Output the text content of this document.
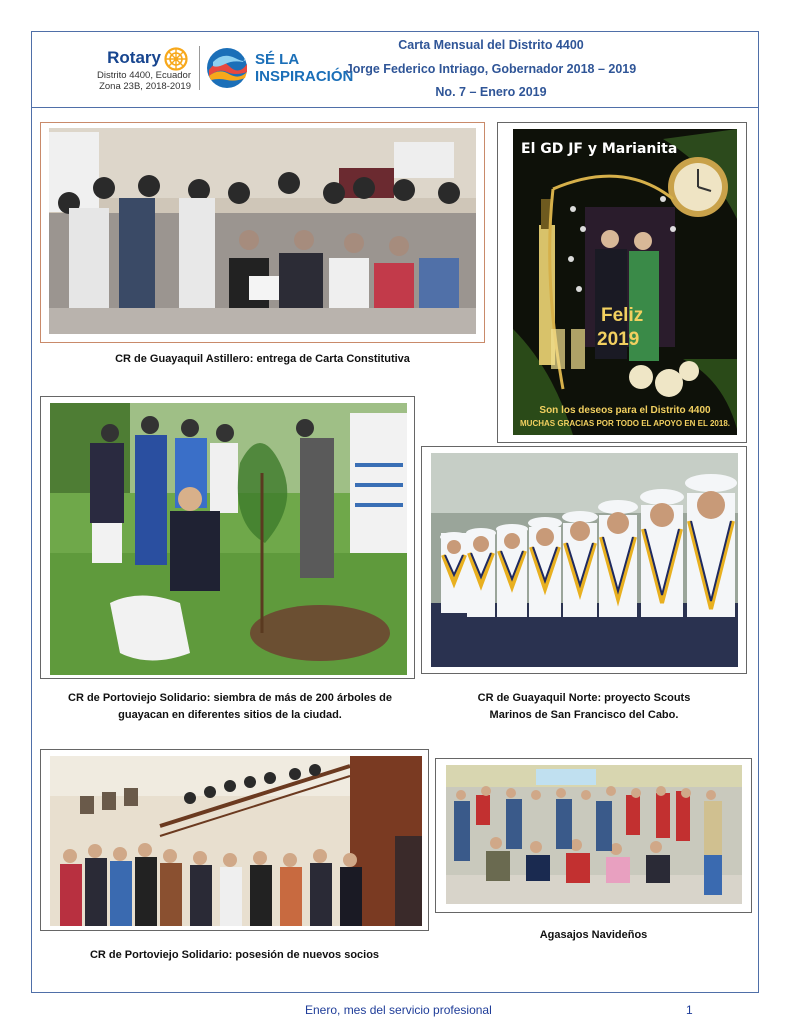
Rotary
Distrito 4400, Ecuador
Zona 23B, 2018-2019
SÉ LA INSPIRACIÓN
Carta Mensual del Distrito 4400
Jorge Federico Intriago, Gobernador 2018 – 2019
No. 7 – Enero 2019
CR de Guayaquil Astillero: entrega de Carta Constitutiva
El GD JF y Marianita
Feliz
2019
Son los deseos para el Distrito 4400
MUCHAS GRACIAS POR TODO EL APOYO EN EL 2018.
CR de Portoviejo Solidario: siembra de más de 200 árboles de
guayacan en diferentes sitios de la ciudad.
CR de Guayaquil Norte: proyecto Scouts
Marinos de San Francisco del Cabo.
CR de Portoviejo Solidario: posesión de nuevos socios
Agasajos Navideños
Enero, mes del servicio profesional	1
